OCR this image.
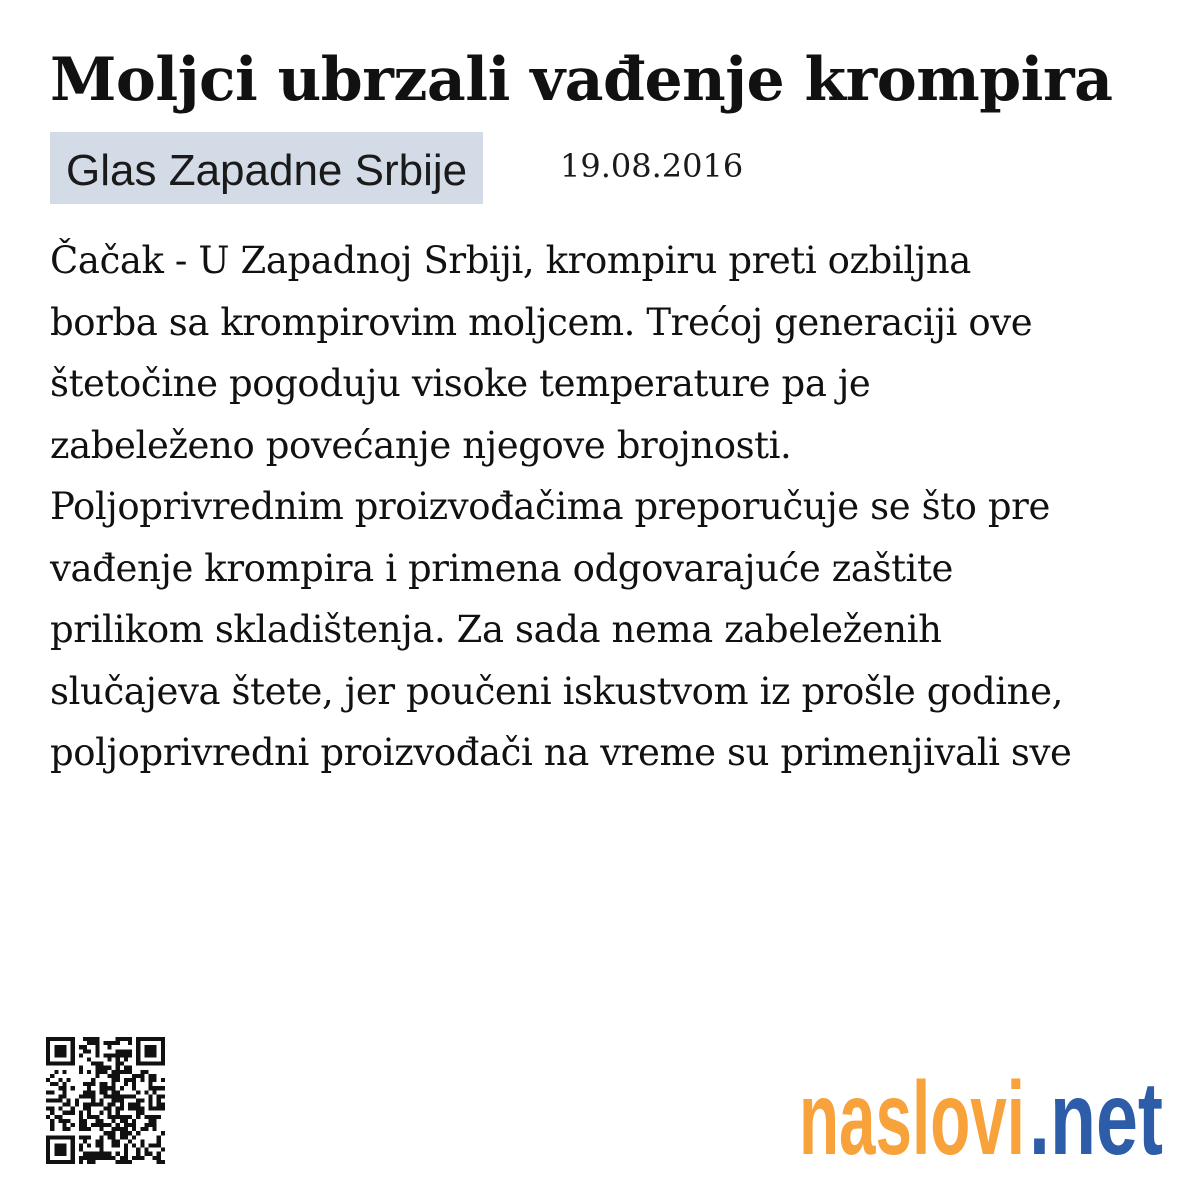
Moljci ubrzali vađenje krompira
Glas Zapadne Srbije	19.08.2016
Čačak - U Zapadnoj Srbiji, krompiru preti ozbiljna
borba sa krompirovim moljcem. Trećoj generaciji ove
štetočine pogoduju visoke temperature pa je
zabeleženo povećanje njegove brojnosti.
Poljoprivrednim proizvođačima preporučuje se što pre
vađenje krompira i primena odgovarajuće zaštite
prilikom skladištenja. Za sada nema zabeleženih
slučajeva štete, jer poučeni iskustvom iz prošle godine,
poljoprivredni proizvođači na vreme su primenjivali sve
naslovi .net
